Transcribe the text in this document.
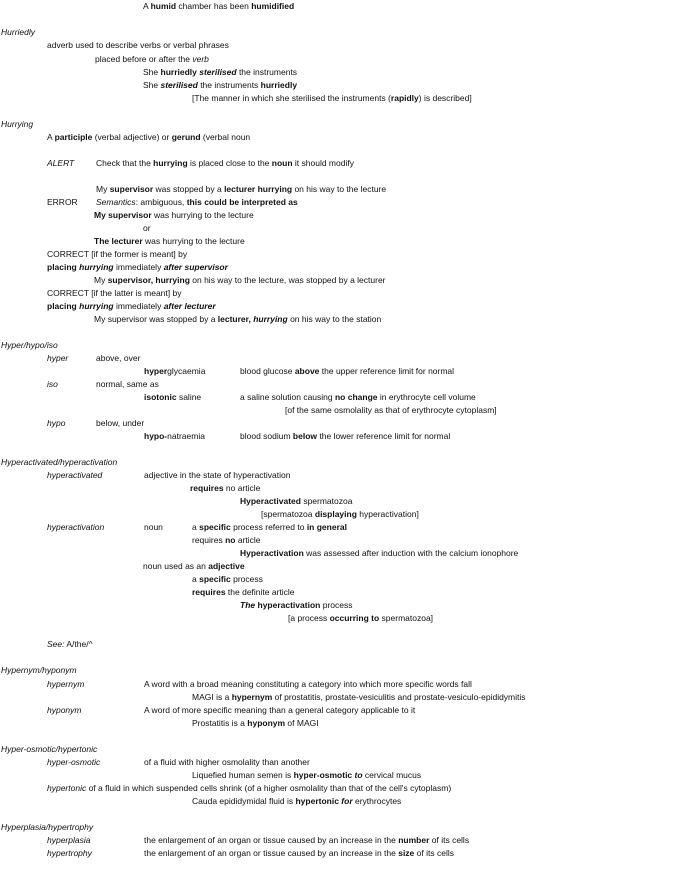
A humid chamber has been humidified
Hurriedly
adverb used to describe verbs or verbal phrases
placed before or after the verb
She hurriedly sterilised the instruments
She sterilised the instruments hurriedly
[The manner in which she sterilised the instruments (rapidly) is described]
Hurrying
A participle (verbal adjective) or gerund (verbal noun
ALERT	Check that the hurrying is placed close to the noun it should modify
My supervisor was stopped by a lecturer hurrying on his way to the lecture
ERROR Semantics: ambiguous, this could be interpreted as
My supervisor was hurrying to the lecture
or
The lecturer was hurrying to the lecture
CORRECT [if the former is meant] by
placing hurrying immediately after supervisor
My supervisor, hurrying on his way to the lecture, was stopped by a lecturer
CORRECT [if the latter is meant] by
placing hurrying immediately after lecturer
My supervisor was stopped by a lecturer, hurrying on his way to the station
Hyper/hypo/iso
hyper	above, over
hyperglycaemia	blood glucose above the upper reference limit for normal
iso	normal, same as
isotonic saline	a saline solution causing no change in erythrocyte cell volume
[of the same osmolality as that of erythrocyte cytoplasm]
hypo	below, under
hypo-natraemia	blood sodium below the lower reference limit for normal
Hyperactivated/hyperactivation
hyperactivated	adjective in the state of hyperactivation
requires no article
Hyperactivated spermatozoa
[spermatozoa displaying hyperactivation]
hyperactivation	noun	a specific process referred to in general
requires no article
Hyperactivation was assessed after induction with the calcium ionophore
noun used as an adjective
a specific process
requires the definite article
The hyperactivation process
[a process occurring to spermatozoa]
See: A/the/^
Hypernym/hyponym
hypernym	A word with a broad meaning constituting a category into which more specific words fall
MAGI is a hypernym of prostatitis, prostate-vesiculitis and prostate-vesiculo-epididymitis
hyponym	A word of more specific meaning than a general category applicable to it
Prostatitis is a hyponym of MAGI
Hyper-osmotic/hypertonic
hyper-osmotic	of a fluid with higher osmolality than another
Liquefied human semen is hyper-osmotic to cervical mucus
hypertonic of a fluid in which suspended cells shrink (of a higher osmolality than that of the cell's cytoplasm)
Cauda epididymidal fluid is hypertonic for erythrocytes
Hyperplasia/hypertrophy
hyperplasia	the enlargement of an organ or tissue caused by an increase in the number of its cells
hypertrophy	the enlargement of an organ or tissue caused by an increase in the size of its cells
